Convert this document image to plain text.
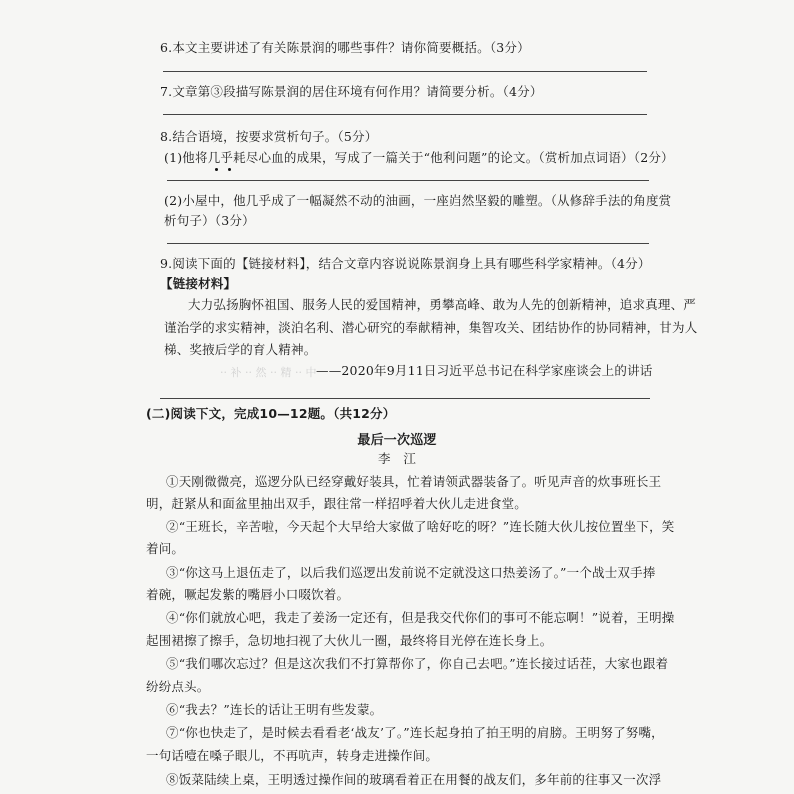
6.本文主要讲述了有关陈景润的哪些事件？请你简要概括。（3分）
7.文章第③段描写陈景润的居住环境有何作用？请简要分析。（4分）
8.结合语境，按要求赏析句子。（5分）
(1)他将几乎耗尽心血的成果，写成了一篇关于“他利问题”的论文。（赏析加点词语）（2分）
(2)小屋中，他几乎成了一幅凝然不动的油画，一座岿然坚毅的雕塑。（从修辞手法的角度赏
析句子）（3分）
9.阅读下面的【链接材料】，结合文章内容说说陈景润身上具有哪些科学家精神。（4分）
【链接材料】
大力弘扬胸怀祖国、服务人民的爱国精神，勇攀高峰、敢为人先的创新精神，追求真理、严
谨治学的求实精神，淡泊名利、潜心研究的奉献精神，集智攻关、团结协作的协同精神，甘为人
梯、奖掖后学的育人精神。
·· 补 ·· 然 ·· 精 ·· 中 ——2020年9月11日习近平总书记在科学家座谈会上的讲话
(二)阅读下文，完成10—12题。（共12分）
最后一次巡逻
李　江
①天刚微微亮，巡逻分队已经穿戴好装具，忙着请领武器装备了。听见声音的炊事班长王
明，赶紧从和面盆里抽出双手，跟往常一样招呼着大伙儿走进食堂。
②“王班长，辛苦啦，今天起个大早给大家做了啥好吃的呀？”连长随大伙儿按位置坐下，笑
着问。
③“你这马上退伍走了，以后我们巡逻出发前说不定就没这口热姜汤了。”一个战士双手捧
着碗，噘起发紫的嘴唇小口啜饮着。
④“你们就放心吧，我走了姜汤一定还有，但是我交代你们的事可不能忘啊！”说着，王明操
起围裙擦了擦手，急切地扫视了大伙儿一圈，最终将目光停在连长身上。
⑤“我们哪次忘过？但是这次我们不打算帮你了，你自己去吧。”连长接过话茬，大家也跟着
纷纷点头。
⑥“我去？”连长的话让王明有些发蒙。
⑦“你也快走了，是时候去看看老‘战友’了。”连长起身拍了拍王明的肩膀。王明努了努嘴，
一句话噎在嗓子眼儿，不再吭声，转身走进操作间。
⑧饭菜陆续上桌，王明透过操作间的玻璃看着正在用餐的战友们，多年前的往事又一次浮
